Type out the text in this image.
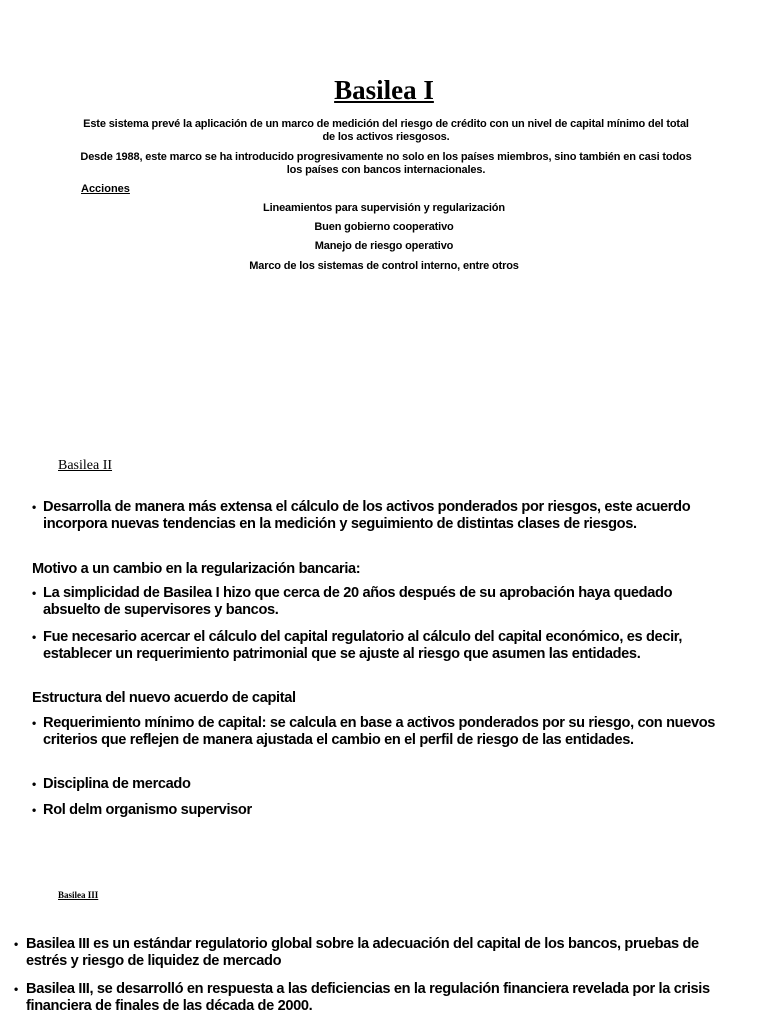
Basilea I
Este sistema prevé la aplicación de un marco de medición del riesgo de crédito con un nivel de capital mínimo del total de los activos riesgosos.
Desde 1988, este marco se ha introducido progresivamente no solo en los países miembros, sino también en casi todos los países con bancos internacionales.
Acciones
Lineamientos para supervisión y regularización
Buen gobierno cooperativo
Manejo de riesgo operativo
Marco de los sistemas de control interno, entre otros
Basilea II
• Desarrolla de manera más extensa el cálculo de los activos ponderados por riesgos, este acuerdo incorpora nuevas tendencias en la medición y seguimiento de distintas clases de riesgos.
Motivo a un cambio en la regularización bancaria:
• La simplicidad de Basilea I hizo que cerca de 20 años después de su aprobación haya quedado absuelto de supervisores y bancos.
• Fue necesario acercar el cálculo del capital regulatorio al cálculo del capital económico, es decir, establecer un requerimiento patrimonial que se ajuste al riesgo que asumen las entidades.
Estructura del nuevo acuerdo de capital
• Requerimiento mínimo de capital: se calcula en base a activos ponderados por su riesgo, con nuevos criterios que reflejen de manera ajustada el cambio en el perfil de riesgo de las entidades.
• Disciplina de mercado
• Rol delm organismo supervisor
Basilea III
• Basilea III es un estándar regulatorio global sobre la adecuación del capital de los bancos, pruebas de estrés y riesgo de liquidez de mercado
• Basilea III, se desarrolló en respuesta a las deficiencias en la regulación financiera revelada por la crisis financiera de finales de las década de 2000.
